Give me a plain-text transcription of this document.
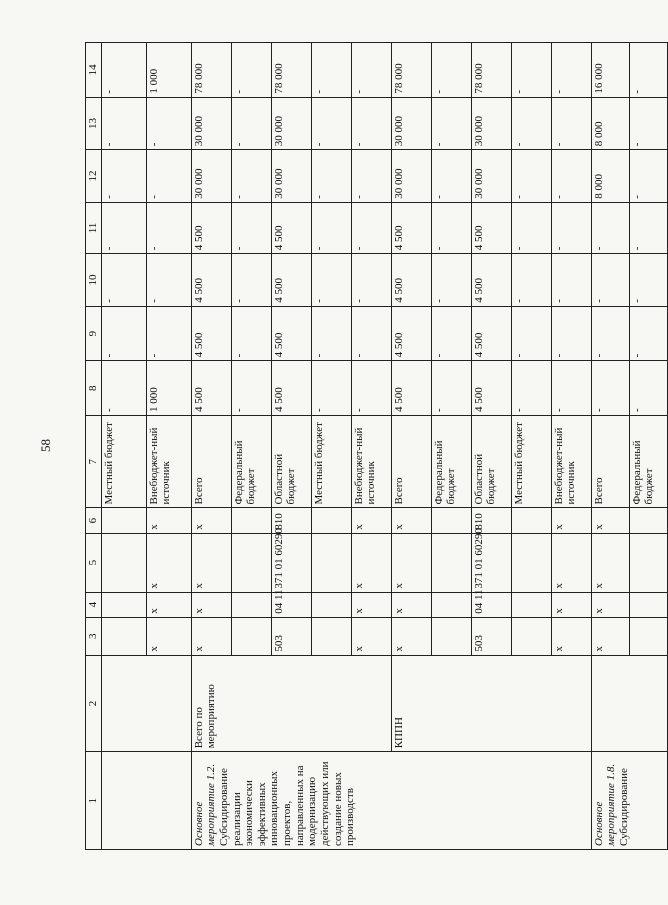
58
1	2	3	4	5	6	7	8	9	10	11	12	13	14
						Местный бюджет	-	-	-	-	-	-	-
		х	х	х	х	Внебюджет-ный источник	1 000	-	-	-	-	-	1 000
Основное мероприятие 1.2.
Субсидирование реализации экономически эффективных инновационных проектов, направленных на модернизацию действующих или создание новых производств	Всего по мероприятию	х	х	х	х	Всего	4 500	4 500	4 500	4 500	30 000	30 000	78 000
						Федеральный бюджет	-	-	-	-	-	-	-
		503	04 11	371 01 60290	810	Областной бюджет	4 500	4 500	4 500	4 500	30 000	30 000	78 000
						Местный бюджет	-	-	-	-	-	-	-
		х	х	х	х	Внебюджет-ный источник	-	-	-	-	-	-	-
	КППН	х	х	х	х	Всего	4 500	4 500	4 500	4 500	30 000	30 000	78 000
						Федеральный бюджет	-	-	-	-	-	-	-
		503	04 11	371 01 60290	810	Областной бюджет	4 500	4 500	4 500	4 500	30 000	30 000	78 000
						Местный бюджет	-	-	-	-	-	-	-
		х	х	х	х	Внебюджет-ный источник	-	-	-	-	-	-	-
Основное мероприятие 1.8.
Субсидирование		х	х	х	х	Всего	-	-	-	-	8 000	8 000	16 000
						Федеральный бюджет	-	-	-	-	-	-	-
